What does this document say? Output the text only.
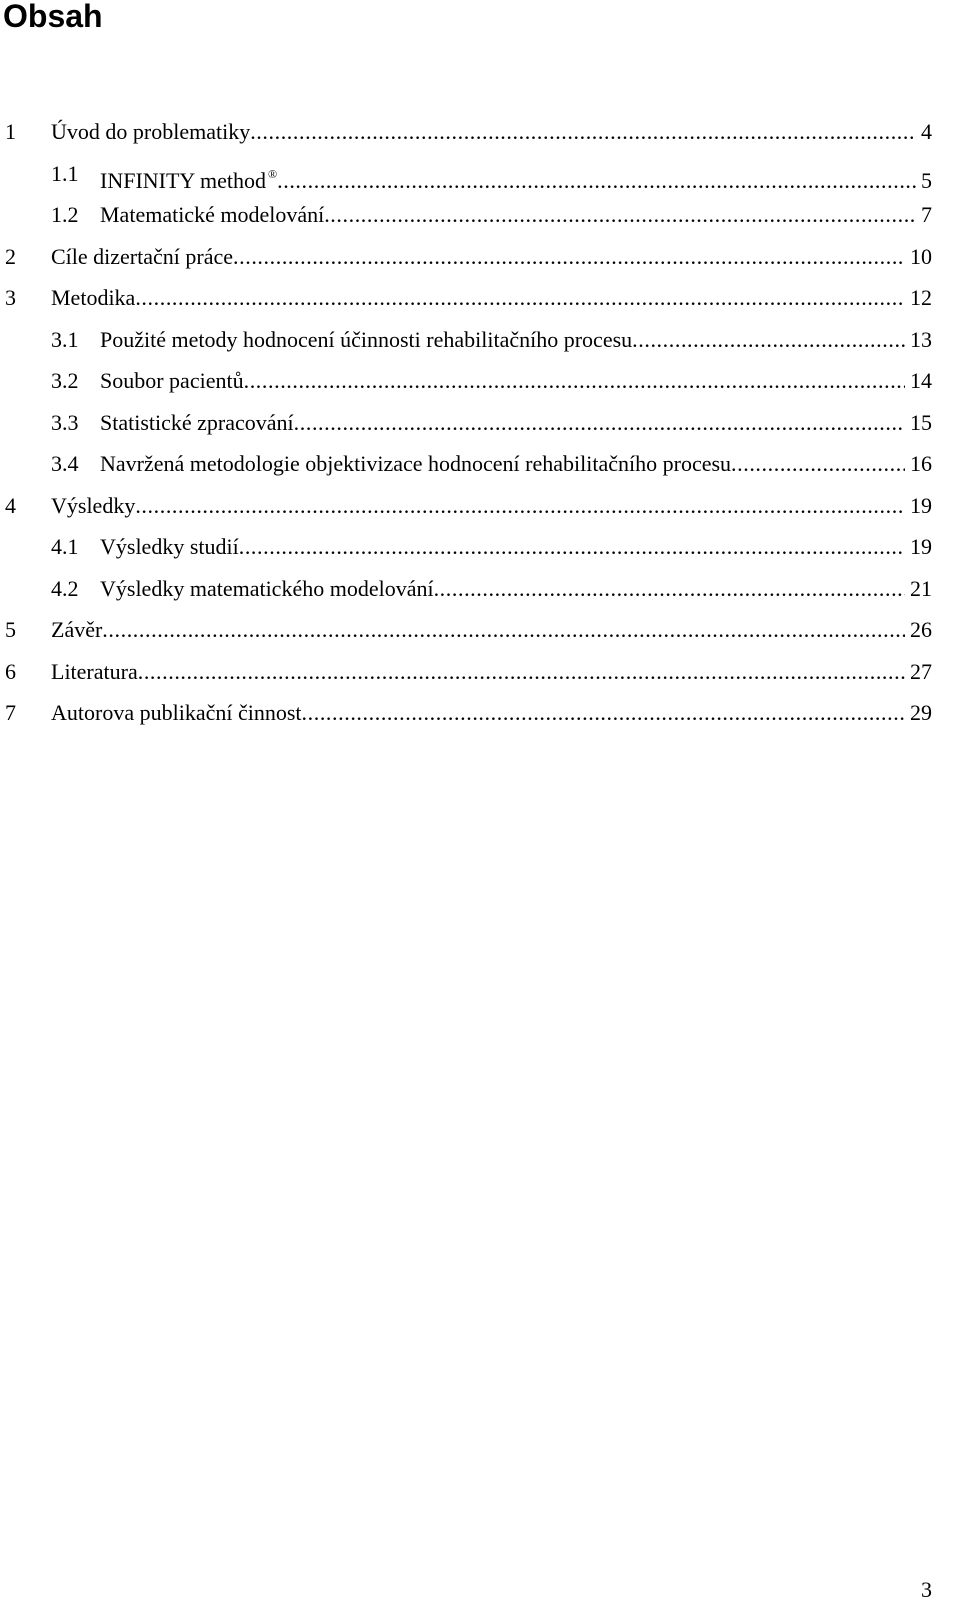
Obsah
1 Úvod do problematiky .....	4
1.1 INFINITY method ® .....	5
1.2 Matematické modelování .....	7
2 Cíle dizertační práce .....	10
3 Metodika .....	12
3.1 Použité metody hodnocení účinnosti rehabilitačního procesu .....	13
3.2 Soubor pacientů .....	14
3.3 Statistické zpracování .....	15
3.4 Navržená metodologie objektivizace hodnocení rehabilitačního procesu .....	16
4 Výsledky .....	19
4.1 Výsledky studií .....	19
4.2 Výsledky matematického modelování .....	21
5 Závěr .....	26
6 Literatura .....	27
7 Autorova publikační činnost .....	29
3
